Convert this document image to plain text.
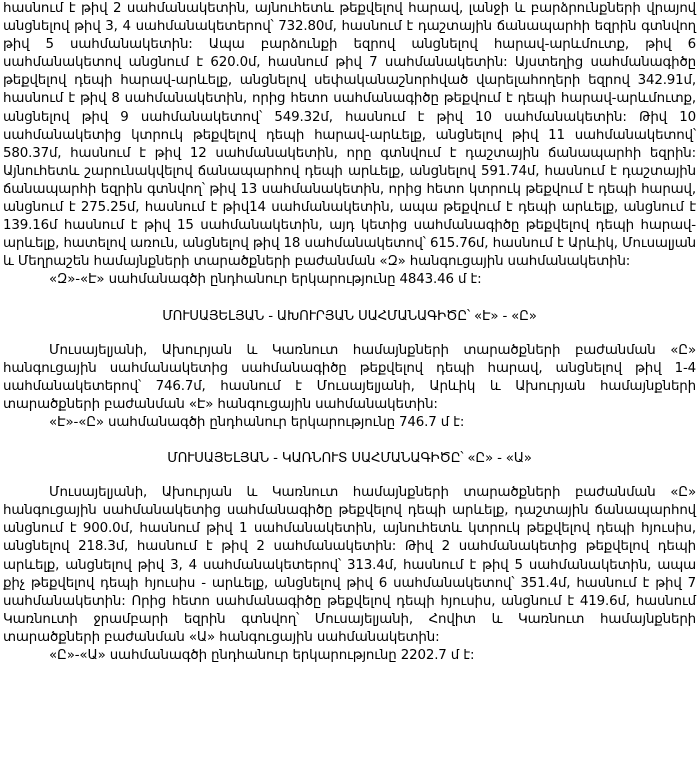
հասնում է թիվ 2 սահմանակետին, այնուհետև թեքվելով հարավ, լանջի և բարձրունքների վրայով անցնելով թիվ 3, 4 սահմանակետերով՝ 732.80մ, հասնում է դաշտային ճանապարհի եզրին գտնվող թիվ 5 սահմանակետին: Ապա բարձունքի եզրով անցնելով հարավ-արևմուտք, թիվ 6 սահմանակետով անցնում է 620.0մ, հասնում թիվ 7 սահմանակետին: Այստեղից սահմանագիծը թեքվելով դեպի հարավ-արևելք, անցնելով սեփականաշնորհված վարելահողերի եզրով 342.91մ, հասնում է թիվ 8 սահմանակետին, որից հետո սահմանագիծը թեքվում է դեպի հարավ-արևմուտք, անցնելով թիվ 9 սահմանակետով՝ 549.32մ, հասնում է թիվ 10 սահմանակետին: Թիվ 10 սահմանակետից կտրուկ թեքվելով դեպի հարավ-արևելք, անցնելով թիվ 11 սահմանակետով՝ 580.37մ, հասնում է թիվ 12 սահմանակետին, որը գտնվում է դաշտային ճանապարհի եզրին: Այնուհետև շարունակվելով ճանապարհով դեպի արևելք, անցնելով 591.74մ, հասնում է դաշտային ճանապարհի եզրին գտնվող՝ թիվ 13 սահմանակետին, որից հետո կտրուկ թեքվում է դեպի հարավ, անցնում է 275.25մ, հասնում է թիվ14 սահմանակետին, ապա թեքվում է դեպի արևելք, անցնում է 139.16մ հասնում է թիվ 15 սահմանակետին, այդ կետից սահմանագիծը թեքվելով դեպի հարավ-արևելք, հատելով առուն, անցնելով թիվ 18 սահմանակետով՝ 615.76մ, հասնում է Արևիկ, Մուսալյան և Մեղրաշեն համայնքների տարածքների բաժանման «Զ» հանգուցային սահմանակետին:

«Զ»-«Է» սահմանագծի ընդհանուր երկարությունը 4843.46 մ է:

ՄՈՒՍԱՅԵԼՅԱՆ - ԱԽՈՒՐՅԱՆ ՍԱՀՄԱՆԱԳԻԾԸ՝ «Է» - «Ը»

Մուսայելյանի, Ախուրյան և Կառնուտ համայնքների տարածքների բաժանման «Ը» հանգուցային սահմանակետից սահմանագիծը թեքվելով դեպի հարավ, անցնելով թիվ 1-4 սահմանակետերով՝ 746.7մ, հասնում է Մուսայելյանի, Արևիկ և Ախուրյան համայնքների տարածքների բաժանման «Է» հանգուցային սահմանակետին:

«Է»-«Ը» սահմանագծի ընդհանուր երկարությունը 746.7 մ է:

ՄՈՒՍԱՅԵԼՅԱՆ - ԿԱՌՆՈՒՏ ՍԱՀՄԱՆԱԳԻԾԸ՝ «Ը» - «Ա»

Մուսայելյանի, Ախուրյան և Կառնուտ համայնքների տարածքների բաժանման «Ը» հանգուցային սահմանակետից սահմանագիծը թեքվելով դեպի արևելք, դաշտային ճանապարհով անցնում է 900.0մ, հասնում թիվ 1 սահմանակետին, այնուհետև կտրուկ թեքվելով դեպի հյուսիս, անցնելով 218.3մ, հասնում է թիվ 2 սահմանակետին: Թիվ 2 սահմանակետից թեքվելով դեպի արևելք, անցնելով թիվ 3, 4 սահմանակետերով՝ 313.4մ, հասնում է թիվ 5 սահմանակետին, ապա քիչ թեքվելով դեպի հյուսիս - արևելք, անցնելով թիվ 6 սահմանակետով՝ 351.4մ, հասնում է թիվ 7 սահմանակետին: Որից հետո սահմանագիծը թեքվելով դեպի հյուսիս, անցնում է 419.6մ, հասնում Կառնուտի ջրամբարի եզրին գտնվող՝ Մուսայելյանի, Հովիտ և Կառնուտ համայնքների տարածքների բաժանման «Ա» հանգուցային սահմանակետին:

«Ը»-«Ա» սահմանագծի ընդհանուր երկարությունը 2202.7 մ է:
